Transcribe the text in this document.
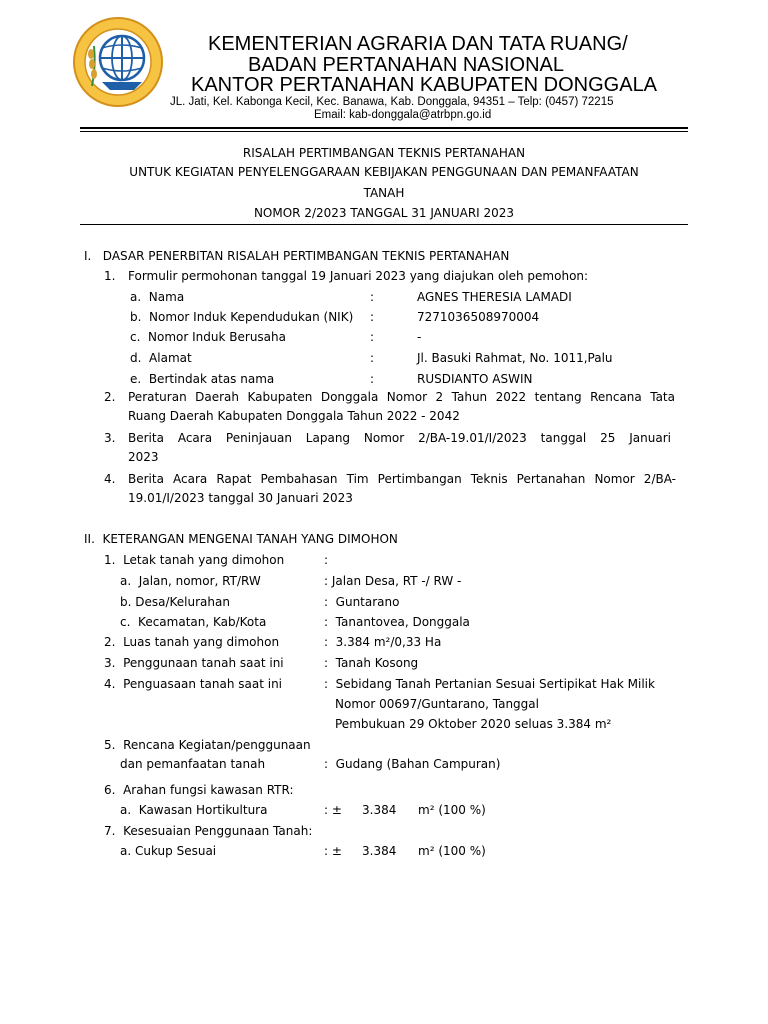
KEMENTERIAN AGRARIA DAN TATA RUANG/
BADAN PERTANAHAN NASIONAL
KANTOR PERTANAHAN KABUPATEN DONGGALA
JL. Jati, Kel. Kabonga Kecil, Kec. Banawa, Kab. Donggala, 94351 – Telp: (0457) 72215
Email: kab-donggala@atrbpn.go.id
RISALAH PERTIMBANGAN TEKNIS PERTANAHAN
UNTUK KEGIATAN PENYELENGGARAAN KEBIJAKAN PENGGUNAAN DAN PEMANFAATAN
TANAH
NOMOR 2/2023 TANGGAL 31 JANUARI 2023
I.   DASAR PENERBITAN RISALAH PERTIMBANGAN TEKNIS PERTANAHAN
1. Formulir permohonan tanggal 19 Januari 2023 yang diajukan oleh pemohon:
a.  Nama	:	AGNES THERESIA LAMADI
b.  Nomor Induk Kependudukan (NIK) :	7271036508970004
c.  Nomor Induk Berusaha	:	-
d.  Alamat	:	Jl. Basuki Rahmat, No. 1011,Palu
e.  Bertindak atas nama	:	RUSDIANTO ASWIN
2. Peraturan Daerah Kabupaten Donggala Nomor 2 Tahun 2022 tentang Rencana Tata
Ruang Daerah Kabupaten Donggala Tahun 2022 - 2042
3. Berita Acara Peninjauan Lapang Nomor 2/BA-19.01/I/2023 tanggal 25 Januari
2023
4. Berita Acara Rapat Pembahasan Tim Pertimbangan Teknis Pertanahan Nomor 2/BA-
19.01/I/2023 tanggal 30 Januari 2023
II.  KETERANGAN MENGENAI TANAH YANG DIMOHON
1.  Letak tanah yang dimohon	:
a.  Jalan, nomor, RT/RW	: Jalan Desa, RT -/ RW -
b. Desa/Kelurahan	:  Guntarano
c.  Kecamatan, Kab/Kota	:  Tanantovea, Donggala
2.  Luas tanah yang dimohon	:  3.384 m²/0,33 Ha
3.  Penggunaan tanah saat ini	:  Tanah Kosong
4.  Penguasaan tanah saat ini	:  Sebidang Tanah Pertanian Sesuai Sertipikat Hak Milik
Nomor 00697/Guntarano, Tanggal
Pembukuan 29 Oktober 2020 seluas 3.384 m²
5.  Rencana Kegiatan/penggunaan
dan pemanfaatan tanah	:  Gudang (Bahan Campuran)
6.  Arahan fungsi kawasan RTR:
a.  Kawasan Hortikultura	: ± 3.384 m² (100 %)
7.  Kesesuaian Penggunaan Tanah:
a. Cukup Sesuai	: ± 3.384 m² (100 %)
